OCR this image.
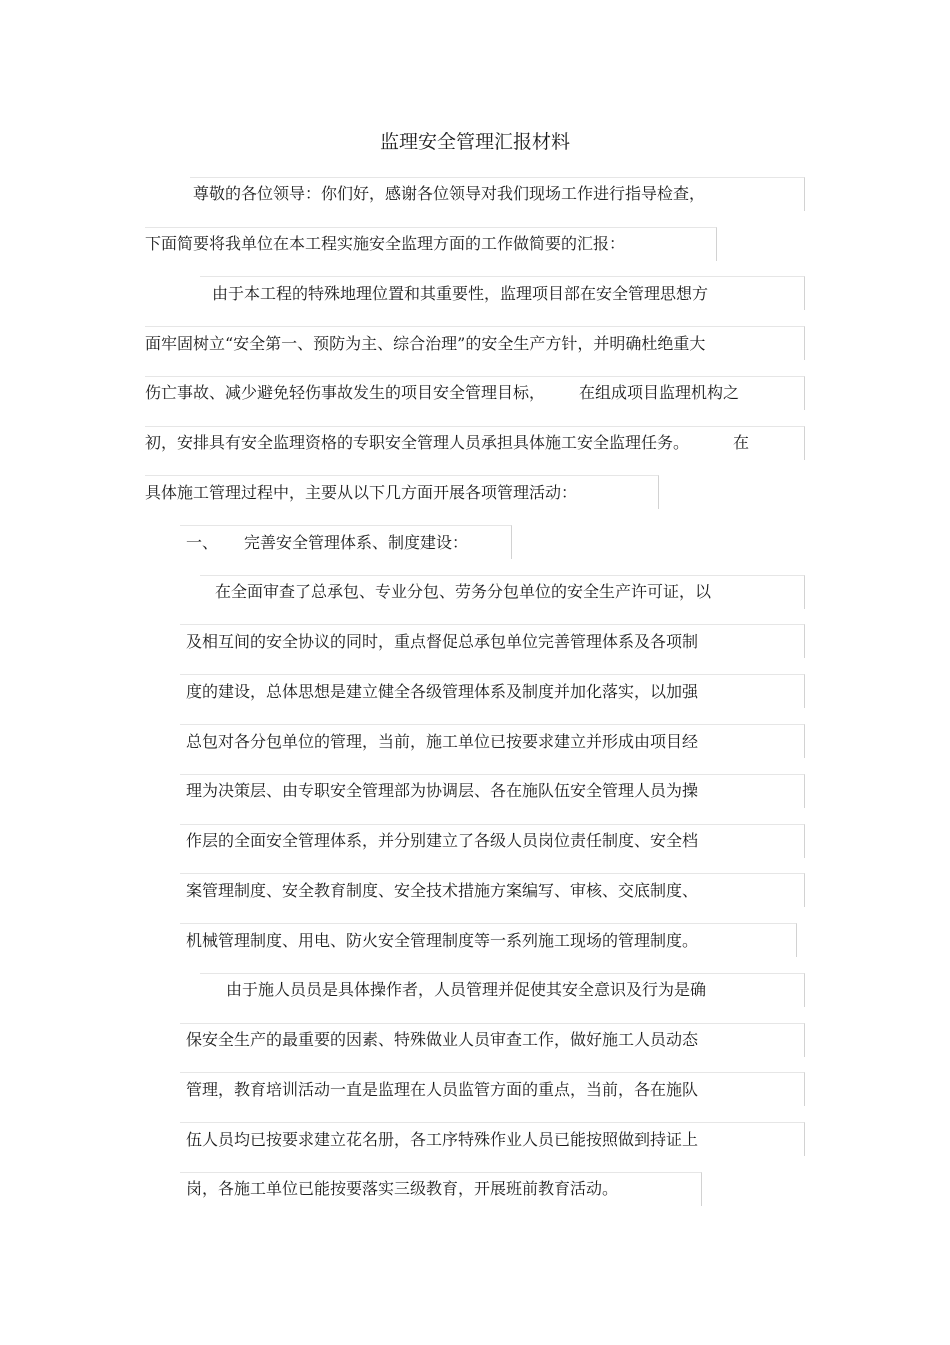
监理安全管理汇报材料
尊敬的各位领导：你们好，感谢各位领导对我们现场工作进行指导检查，
下面简要将我单位在本工程实施安全监理方面的工作做简要的汇报：
由于本工程的特殊地理位置和其重要性，监理项目部在安全管理思想方
面牢固树立“安全第一、预防为主、综合治理”的安全生产方针，并明确杜绝重大
伤亡事故、减少避免轻伤事故发生的项目安全管理目标， 在组成项目监理机构之
初，安排具有安全监理资格的专职安全管理人员承担具体施工安全监理任务。	在
具体施工管理过程中，主要从以下几方面开展各项管理活动：
一、 完善安全管理体系、制度建设：
在全面审查了总承包、专业分包、劳务分包单位的安全生产许可证，以
及相互间的安全协议的同时，重点督促总承包单位完善管理体系及各项制
度的建设，总体思想是建立健全各级管理体系及制度并加化落实，以加强
总包对各分包单位的管理，当前，施工单位已按要求建立并形成由项目经
理为决策层、由专职安全管理部为协调层、各在施队伍安全管理人员为操
作层的全面安全管理体系，并分别建立了各级人员岗位责任制度、安全档
案管理制度、安全教育制度、安全技术措施方案编写、审核、交底制度、
机械管理制度、用电、防火安全管理制度等一系列施工现场的管理制度。
由于施人员员是具体操作者，人员管理并促使其安全意识及行为是确
保安全生产的最重要的因素、特殊做业人员审查工作，做好施工人员动态
管理，教育培训活动一直是监理在人员监管方面的重点，当前，各在施队
伍人员均已按要求建立花名册，各工序特殊作业人员已能按照做到持证上
岗，各施工单位已能按要落实三级教育，开展班前教育活动。
